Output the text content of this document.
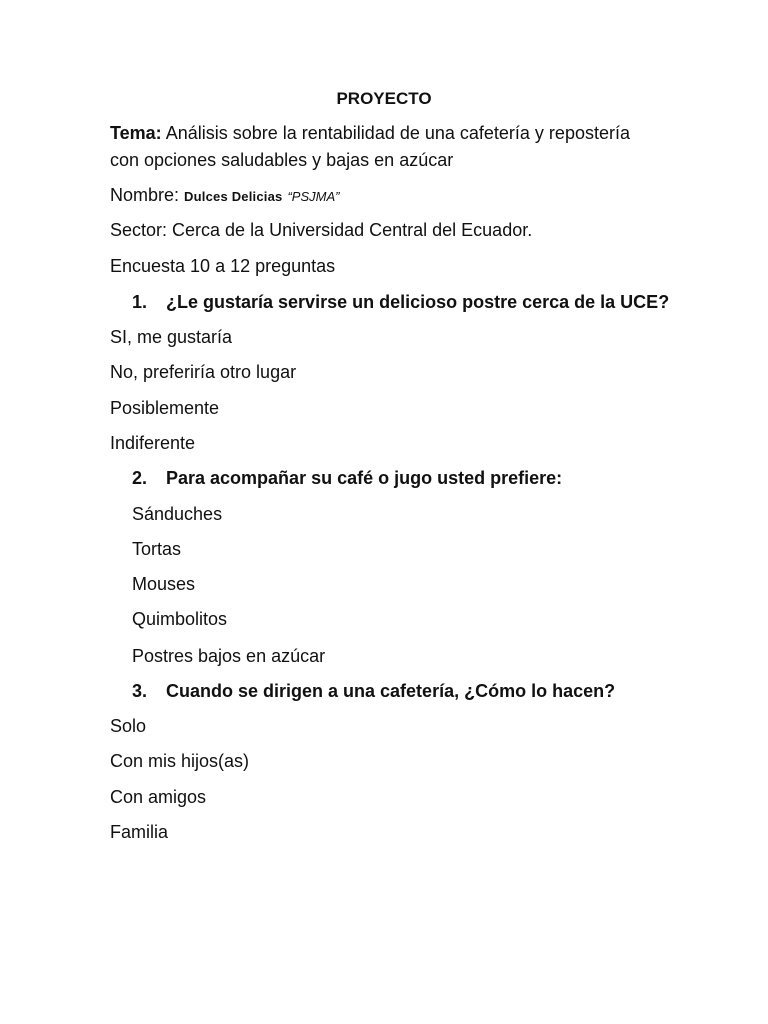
PROYECTO
Tema: Análisis sobre la rentabilidad de una cafetería y repostería
con opciones saludables y bajas en azúcar
Nombre: Dulces Delicias “PSJMA”
Sector: Cerca de la Universidad Central del Ecuador.
Encuesta 10 a 12 preguntas
1. ¿Le gustaría servirse un delicioso postre cerca de la UCE?
SI, me gustaría
No, preferiría otro lugar
Posiblemente
Indiferente
2. Para acompañar su café o jugo usted prefiere:
Sánduches
Tortas
Mouses
Quimbolitos
Postres bajos en azúcar
3. Cuando se dirigen a una cafetería, ¿Cómo lo hacen?
Solo
Con mis hijos(as)
Con amigos
Familia
